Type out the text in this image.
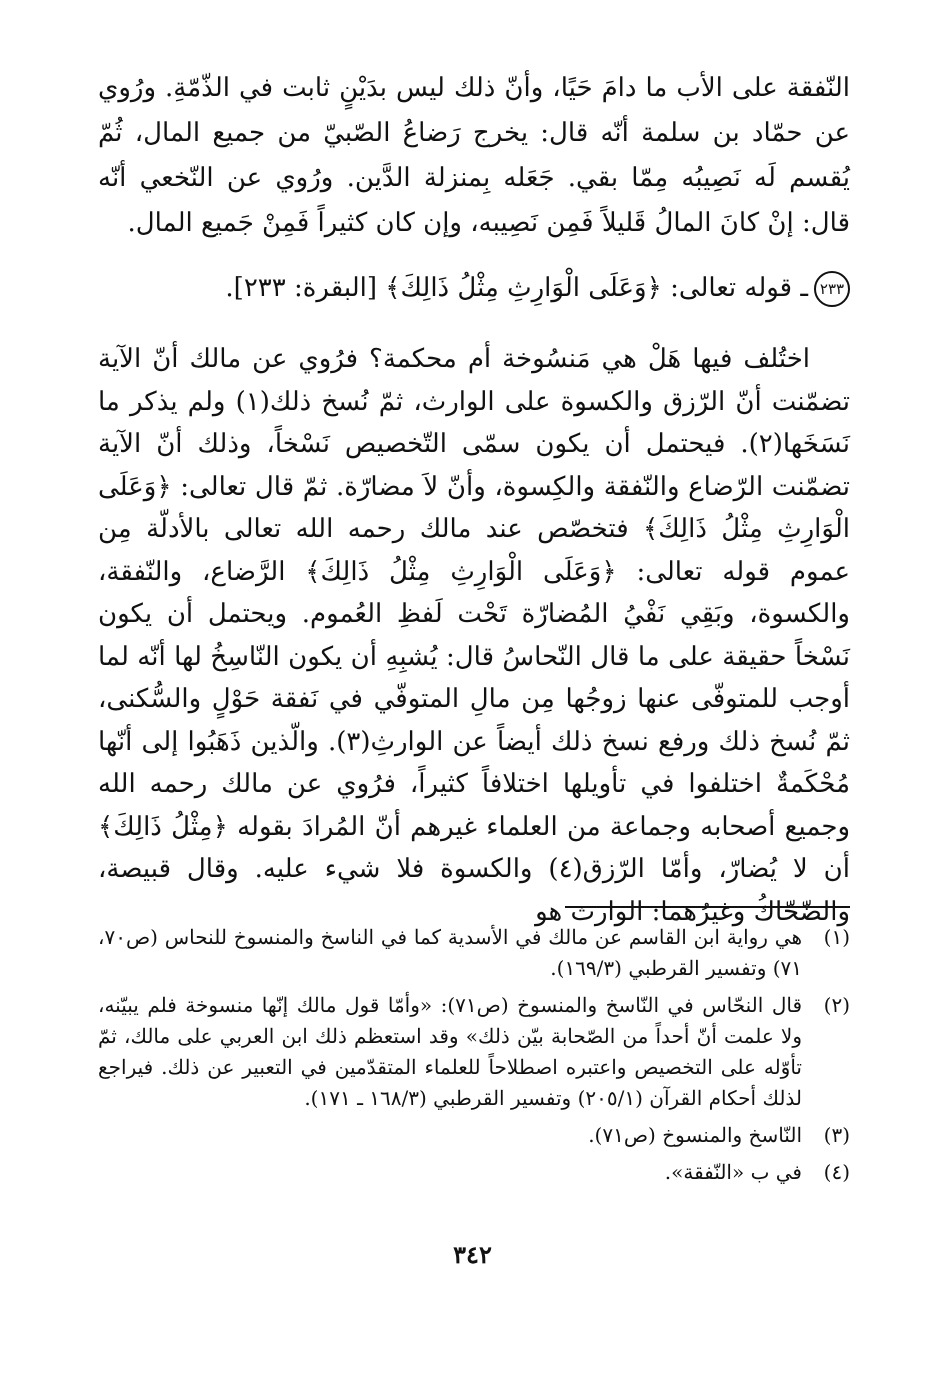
النّفقة على الأب ما دامَ حَيًا، وأنّ ذلك ليس بدَيْنٍ ثابت في الذّمّةِ. ورُوي عن حمّاد بن سلمة أنّه قال: يخرج رَضاعُ الصّبيّ من جميع المال، ثُمّ يُقسم لَه نَصِيبُه مِمّا بقي. جَعَله بِمنزلة الدَّين. ورُوي عن النّخعي أنّه قال: إنْ كانَ المالُ قَليلاً فَمِن نَصِيبه، وإن كان كثيراً فَمِنْ جَميع المال.

٢٣٣ـ قوله تعالى: ﴿وَعَلَى الْوَارِثِ مِثْلُ ذَالِكَ﴾ [البقرة: ٢٣٣].

اختُلف فيها هَلْ هي مَنسُوخة أم محكمة؟ فرُوي عن مالك أنّ الآية تضمّنت أنّ الرّزق والكسوة على الوارث، ثمّ نُسخ ذلك(١) ولم يذكر ما نَسَخَها(٢). فيحتمل أن يكون سمّى التّخصيص نَسْخاً، وذلك أنّ الآية تضمّنت الرّضاع والنّفقة والكِسوة، وأنّ لاَ مضارّة. ثمّ قال تعالى: ﴿وَعَلَى الْوَارِثِ مِثْلُ ذَالِكَ﴾ فتخصّص عند مالك رحمه الله تعالى بالأدلّة مِن عموم قوله تعالى: ﴿وَعَلَى الْوَارِثِ مِثْلُ ذَالِكَ﴾ الرَّضاع، والنّفقة، والكسوة، وبَقِي نَفْيُ المُضارّة تَحْت لَفظِ العُموم. ويحتمل أن يكون نَسْخاً حقيقة على ما قال النّحاسُ قال: يُشبِهِ أن يكون النّاسِخُ لها أنّه لما أوجب للمتوفّى عنها زوجُها مِن مالِ المتوفّي في نَفقة حَوْلٍ والسُّكنى، ثمّ نُسخ ذلك ورفع نسخ ذلك أيضاً عن الوارثِ(٣). والّذين ذَهَبُوا إلى أنّها مُحْكَمةٌ اختلفوا في تأويلها اختلافاً كثيراً، فرُوي عن مالك رحمه الله وجميع أصحابه وجماعة من العلماء غيرهم أنّ المُرادَ بقوله ﴿مِثْلُ ذَالِكَ﴾ أن لا يُضارّ، وأمّا الرّزق(٤) والكسوة فلا شيء عليه. وقال قبيصة، والضّحّاكُ وغيرُهما: الوارث هو

(١)
هي رواية ابن القاسم عن مالك في الأسدية كما في الناسخ والمنسوخ للنحاس (ص٧٠، ٧١) وتفسير القرطبي (١٦٩/٣).
(٢)
قال النحّاس في النّاسخ والمنسوخ (ص٧١): «وأمّا قول مالك إنّها منسوخة فلم يبيّنه، ولا علمت أنّ أحداً من الصّحابة بيّن ذلك» وقد استعظم ذلك ابن العربي على مالك، ثمّ تأوّله على التخصيص واعتبره اصطلاحاً للعلماء المتقدّمين في التعبير عن ذلك. فيراجع لذلك أحكام القرآن (٢٠٥/١) وتفسير القرطبي (١٦٨/٣ ـ ١٧١).
(٣)
النّاسخ والمنسوخ (ص٧١).
(٤)
في ب «النّفقة».
٣٤٢
